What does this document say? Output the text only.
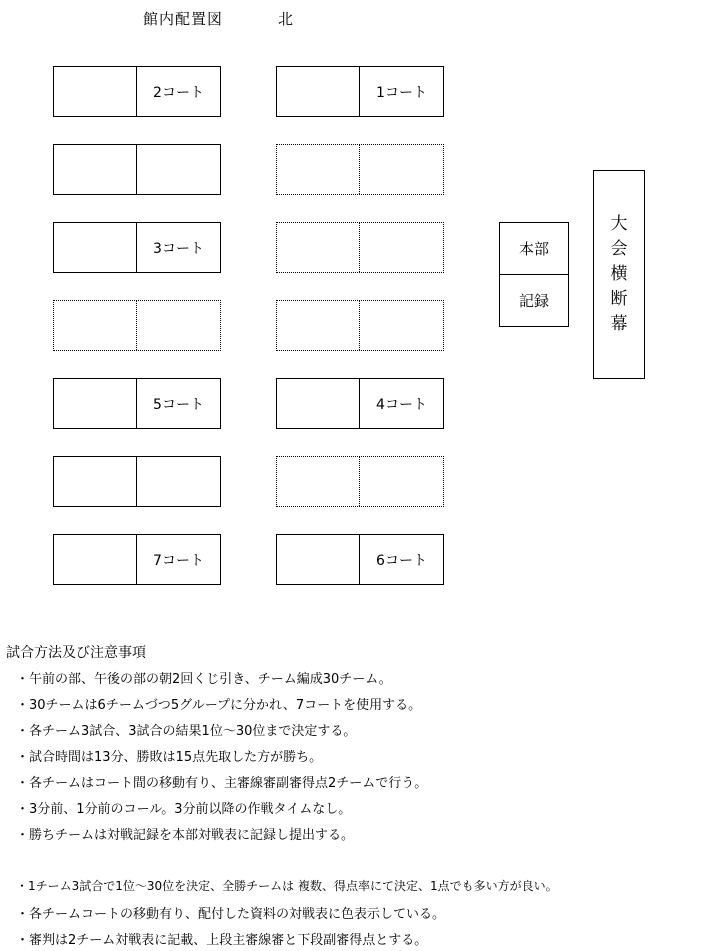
館内配置図	北
2コート
3コート
5コート
7コート
1コート
4コート
6コート
本部
記録
大
会
横
断
幕
試合方法及び注意事項
・午前の部、午後の部の朝2回くじ引き、チーム編成30チーム。
・30チームは6チームづつ5グループに分かれ、7コートを使用する。
・各チーム3試合、3試合の結果1位～30位まで決定する。
・試合時間は13分、勝敗は15点先取した方が勝ち。
・各チームはコート間の移動有り、主審線審副審得点2チームで行う。
・3分前、1分前のコール。3分前以降の作戦タイムなし。
・勝ちチームは対戦記録を本部対戦表に記録し提出する。
・1チーム3試合で1位～30位を決定、全勝チームは 複数、得点率にて決定、1点でも多い方が良い。
・各チームコートの移動有り、配付した資料の対戦表に色表示している。
・審判は2チーム対戦表に記載、上段主審線審と下段副審得点とする。
